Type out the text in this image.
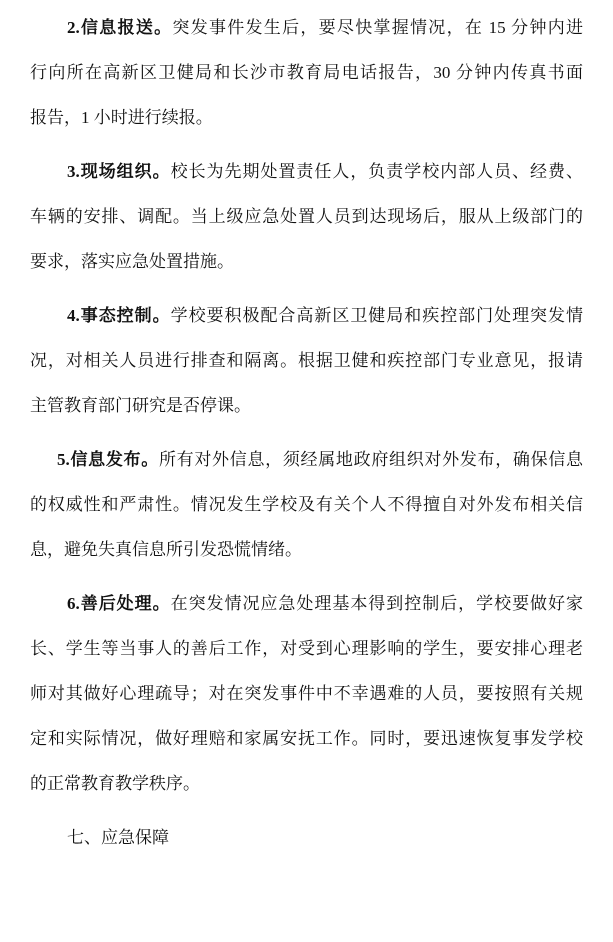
2.信息报送。突发事件发生后，要尽快掌握情况，在 15 分钟内进
行向所在高新区卫健局和长沙市教育局电话报告，30 分钟内传真书面
报告，1 小时进行续报。
3.现场组织。校长为先期处置责任人，负责学校内部人员、经费、
车辆的安排、调配。当上级应急处置人员到达现场后，服从上级部门的
要求，落实应急处置措施。
4.事态控制。学校要积极配合高新区卫健局和疾控部门处理突发情
况，对相关人员进行排查和隔离。根据卫健和疾控部门专业意见，报请
主管教育部门研究是否停课。
5.信息发布。所有对外信息，须经属地政府组织对外发布，确保信息
的权威性和严肃性。情况发生学校及有关个人不得擅自对外发布相关信
息，避免失真信息所引发恐慌情绪。
6.善后处理。在突发情况应急处理基本得到控制后，学校要做好家
长、学生等当事人的善后工作，对受到心理影响的学生，要安排心理老
师对其做好心理疏导；对在突发事件中不幸遇难的人员，要按照有关规
定和实际情况，做好理赔和家属安抚工作。同时，要迅速恢复事发学校
的正常教育教学秩序。
七、应急保障
